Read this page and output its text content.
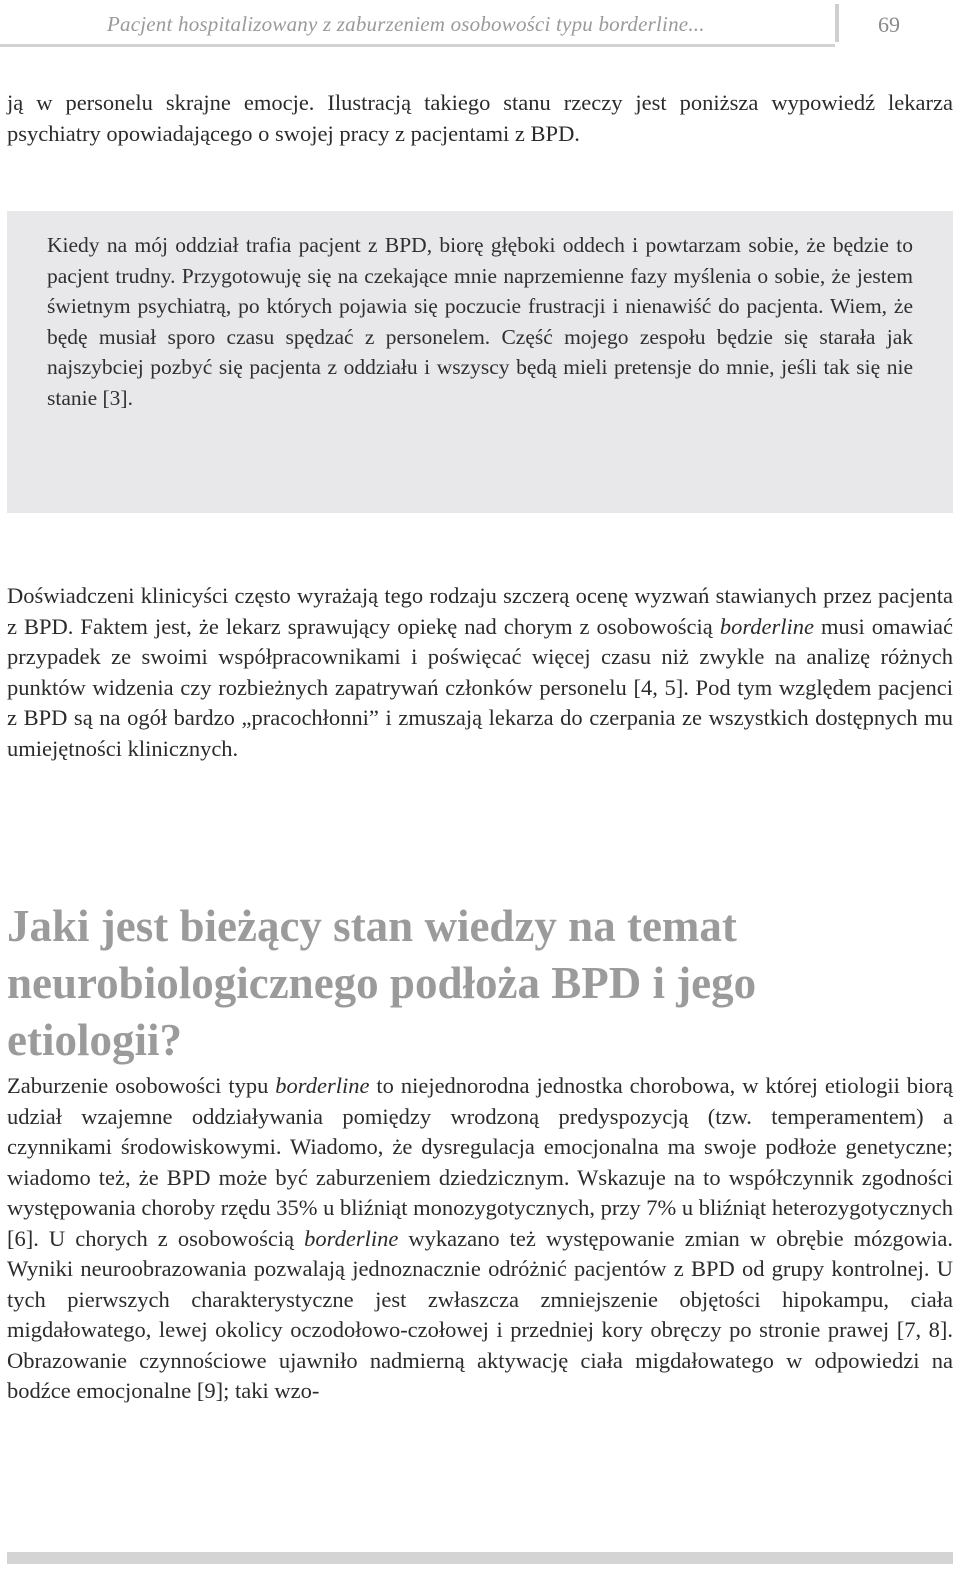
Pacjent hospitalizowany z zaburzeniem osobowości typu borderline...	69

ją w personelu skrajne emocje. Ilustracją takiego stanu rzeczy jest poniższa wypowiedź lekarza psychiatry opowiadającego o swojej pracy z pacjentami z BPD.

Kiedy na mój oddział trafia pacjent z BPD, biorę głęboki oddech i powtarzam sobie, że będzie to pacjent trudny. Przygotowuję się na czekające mnie naprzemienne fazy myślenia o sobie, że jestem świetnym psychiatrą, po których pojawia się poczucie frustracji i nienawiść do pacjenta. Wiem, że będę musiał sporo czasu spędzać z personelem. Część mojego zespołu będzie się starała jak najszybciej pozbyć się pacjenta z oddziału i wszyscy będą mieli pretensje do mnie, jeśli tak się nie stanie [3].

Doświadczeni klinicyści często wyrażają tego rodzaju szczerą ocenę wyzwań stawianych przez pacjenta z BPD. Faktem jest, że lekarz sprawujący opiekę nad chorym z osobowością borderline musi omawiać przypadek ze swoimi współpracownikami i poświęcać więcej czasu niż zwykle na analizę różnych punktów widzenia czy rozbieżnych zapatrywań członków personelu [4, 5]. Pod tym względem pacjenci z BPD są na ogół bardzo „pracochłonni” i zmuszają lekarza do czerpania ze wszystkich dostępnych mu umiejętności klinicznych.

Jaki jest bieżący stan wiedzy na temat neurobiologicznego podłoża BPD i jego etiologii?

Zaburzenie osobowości typu borderline to niejednorodna jednostka chorobowa, w której etiologii biorą udział wzajemne oddziaływania pomiędzy wrodzoną predyspozycją (tzw. temperamentem) a czynnikami środowiskowymi. Wiadomo, że dysregulacja emocjonalna ma swoje podłoże genetyczne; wiadomo też, że BPD może być zaburzeniem dziedzicznym. Wskazuje na to współczynnik zgodności występowania choroby rzędu 35% u bliźniąt monozygotycznych, przy 7% u bliźniąt heterozygotycznych [6]. U chorych z osobowością borderline wykazano też występowanie zmian w obrębie mózgowia. Wyniki neuroobrazowania pozwalają jednoznacznie odróżnić pacjentów z BPD od grupy kontrolnej. U tych pierwszych charakterystyczne jest zwłaszcza zmniejszenie objętości hipokampu, ciała migdałowatego, lewej okolicy oczodołowo-czołowej i przedniej kory obręczy po stronie prawej [7, 8]. Obrazowanie czynnościowe ujawniło nadmierną aktywację ciała migdałowatego w odpowiedzi na bodźce emocjonalne [9]; taki wzo-
